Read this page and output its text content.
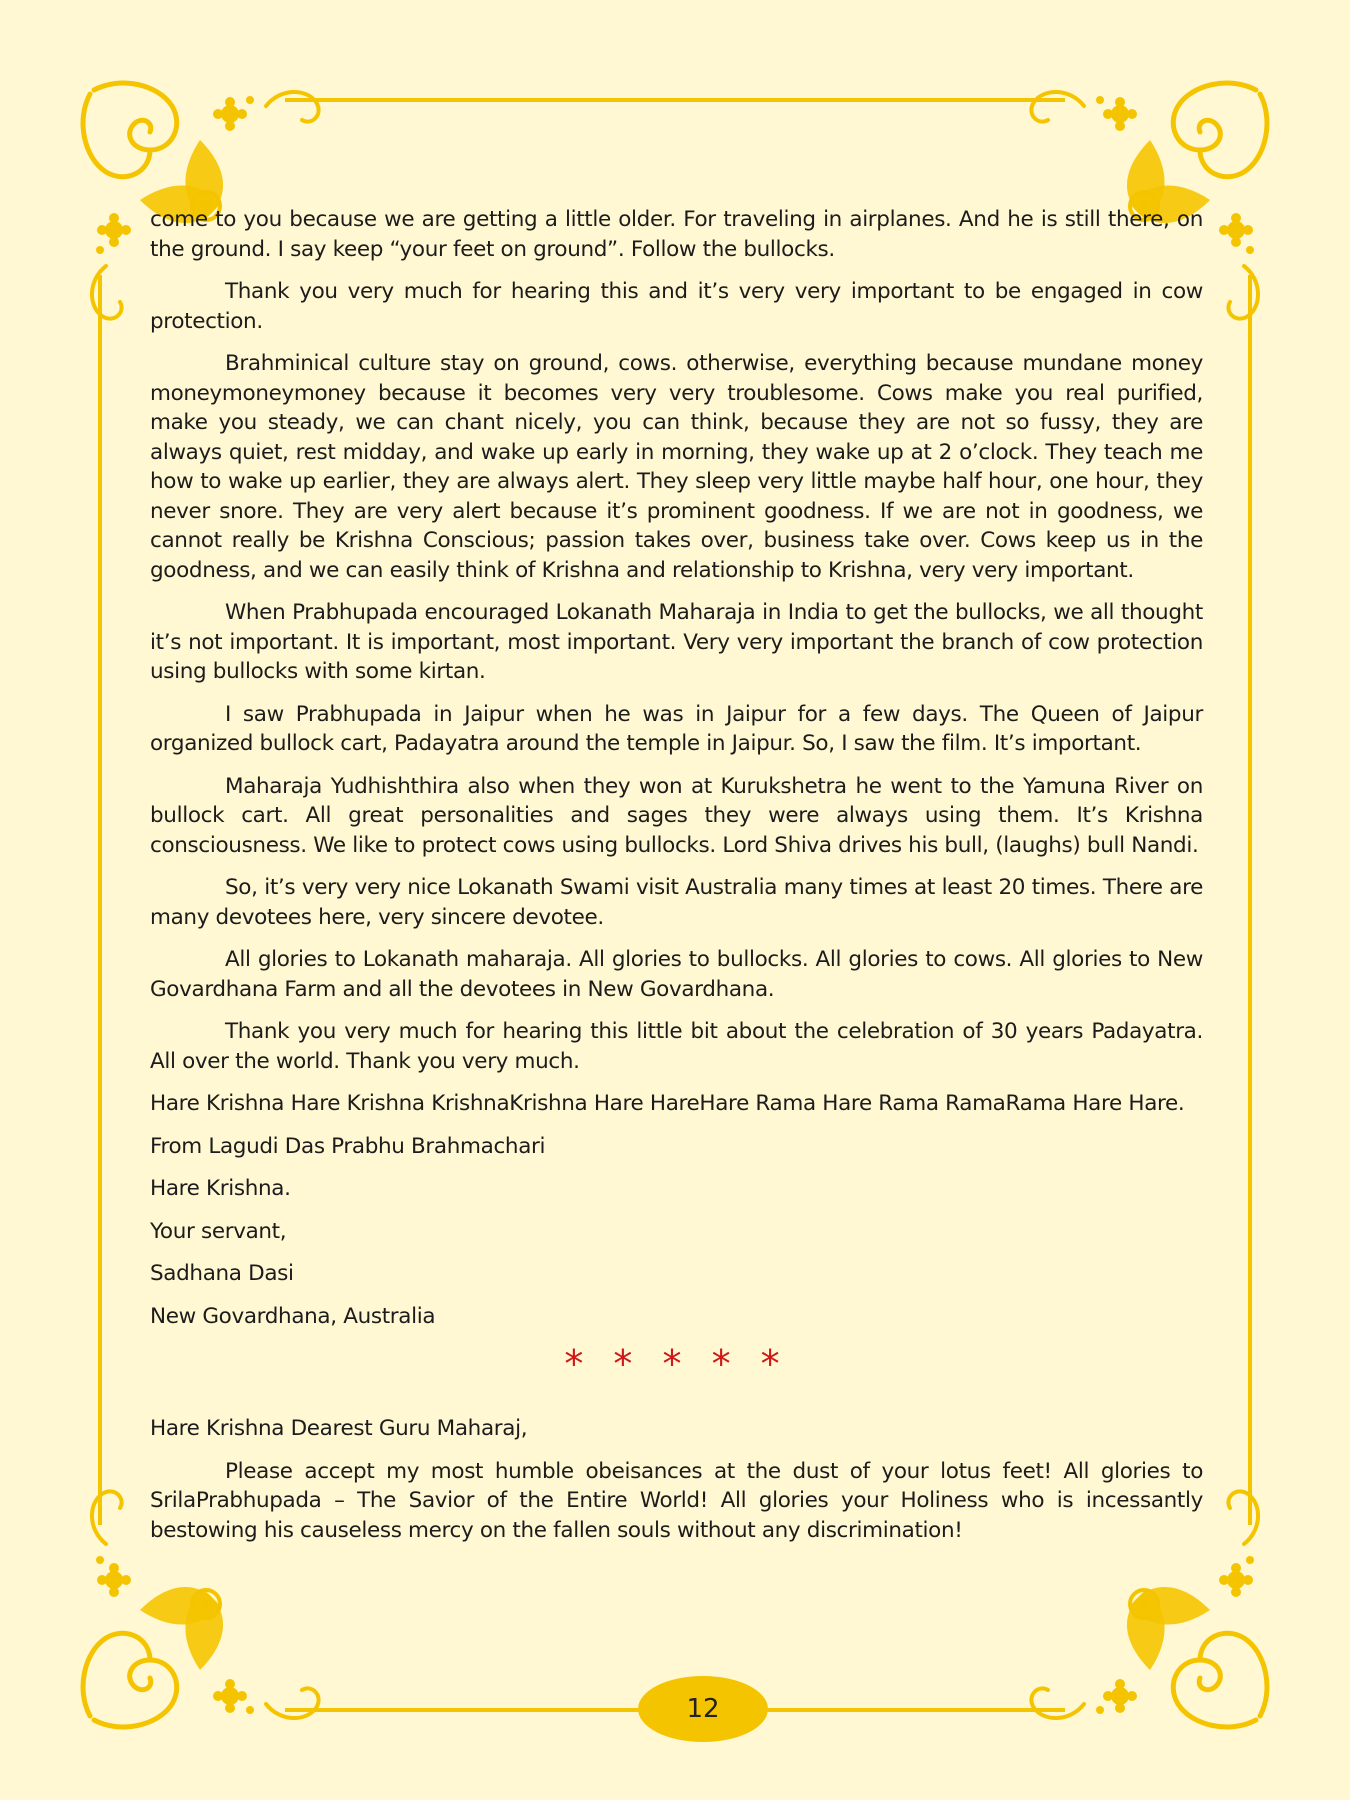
come to you because we are getting a little older. For traveling in airplanes. And he is still there, on the ground. I say keep “your feet on ground”. Follow the bullocks.

Thank you very much for hearing this and it’s very very important to be engaged in cow protection.

Brahminical culture stay on ground, cows. otherwise, everything because mundane money moneymoneymoney because it becomes very very troublesome. Cows make you real purified, make you steady, we can chant nicely, you can think, because they are not so fussy, they are always quiet, rest midday, and wake up early in morning, they wake up at 2 o’clock. They teach me how to wake up earlier, they are always alert. They sleep very little maybe half hour, one hour, they never snore. They are very alert because it’s prominent goodness. If we are not in goodness, we cannot really be Krishna Conscious; passion takes over, business take over. Cows keep us in the goodness, and we can easily think of Krishna and relationship to Krishna, very very important.

When Prabhupada encouraged Lokanath Maharaja in India to get the bullocks, we all thought it’s not important. It is important, most important. Very very important the branch of cow protection using bullocks with some kirtan.

I saw Prabhupada in Jaipur when he was in Jaipur for a few days. The Queen of Jaipur organized bullock cart, Padayatra around the temple in Jaipur. So, I saw the film. It’s important.

Maharaja Yudhishthira also when they won at Kurukshetra he went to the Yamuna River on bullock cart. All great personalities and sages they were always using them. It’s Krishna consciousness. We like to protect cows using bullocks. Lord Shiva drives his bull, (laughs) bull Nandi.

So, it’s very very nice Lokanath Swami visit Australia many times at least 20 times. There are many devotees here, very sincere devotee.

All glories to Lokanath maharaja. All glories to bullocks. All glories to cows. All glories to New Govardhana Farm and all the devotees in New Govardhana.

Thank you very much for hearing this little bit about the celebration of 30 years Padayatra. All over the world. Thank you very much.

Hare Krishna Hare Krishna KrishnaKrishna Hare HareHare Rama Hare Rama RamaRama Hare Hare.

From Lagudi Das Prabhu Brahmachari

Hare Krishna.

Your servant,

Sadhana Dasi

New Govardhana, Australia

* * * * *

Hare Krishna Dearest Guru Maharaj,

Please accept my most humble obeisances at the dust of your lotus feet! All glories to SrilaPrabhupada – The Savior of the Entire World! All glories your Holiness who is incessantly bestowing his causeless mercy on the fallen souls without any discrimination!

12
